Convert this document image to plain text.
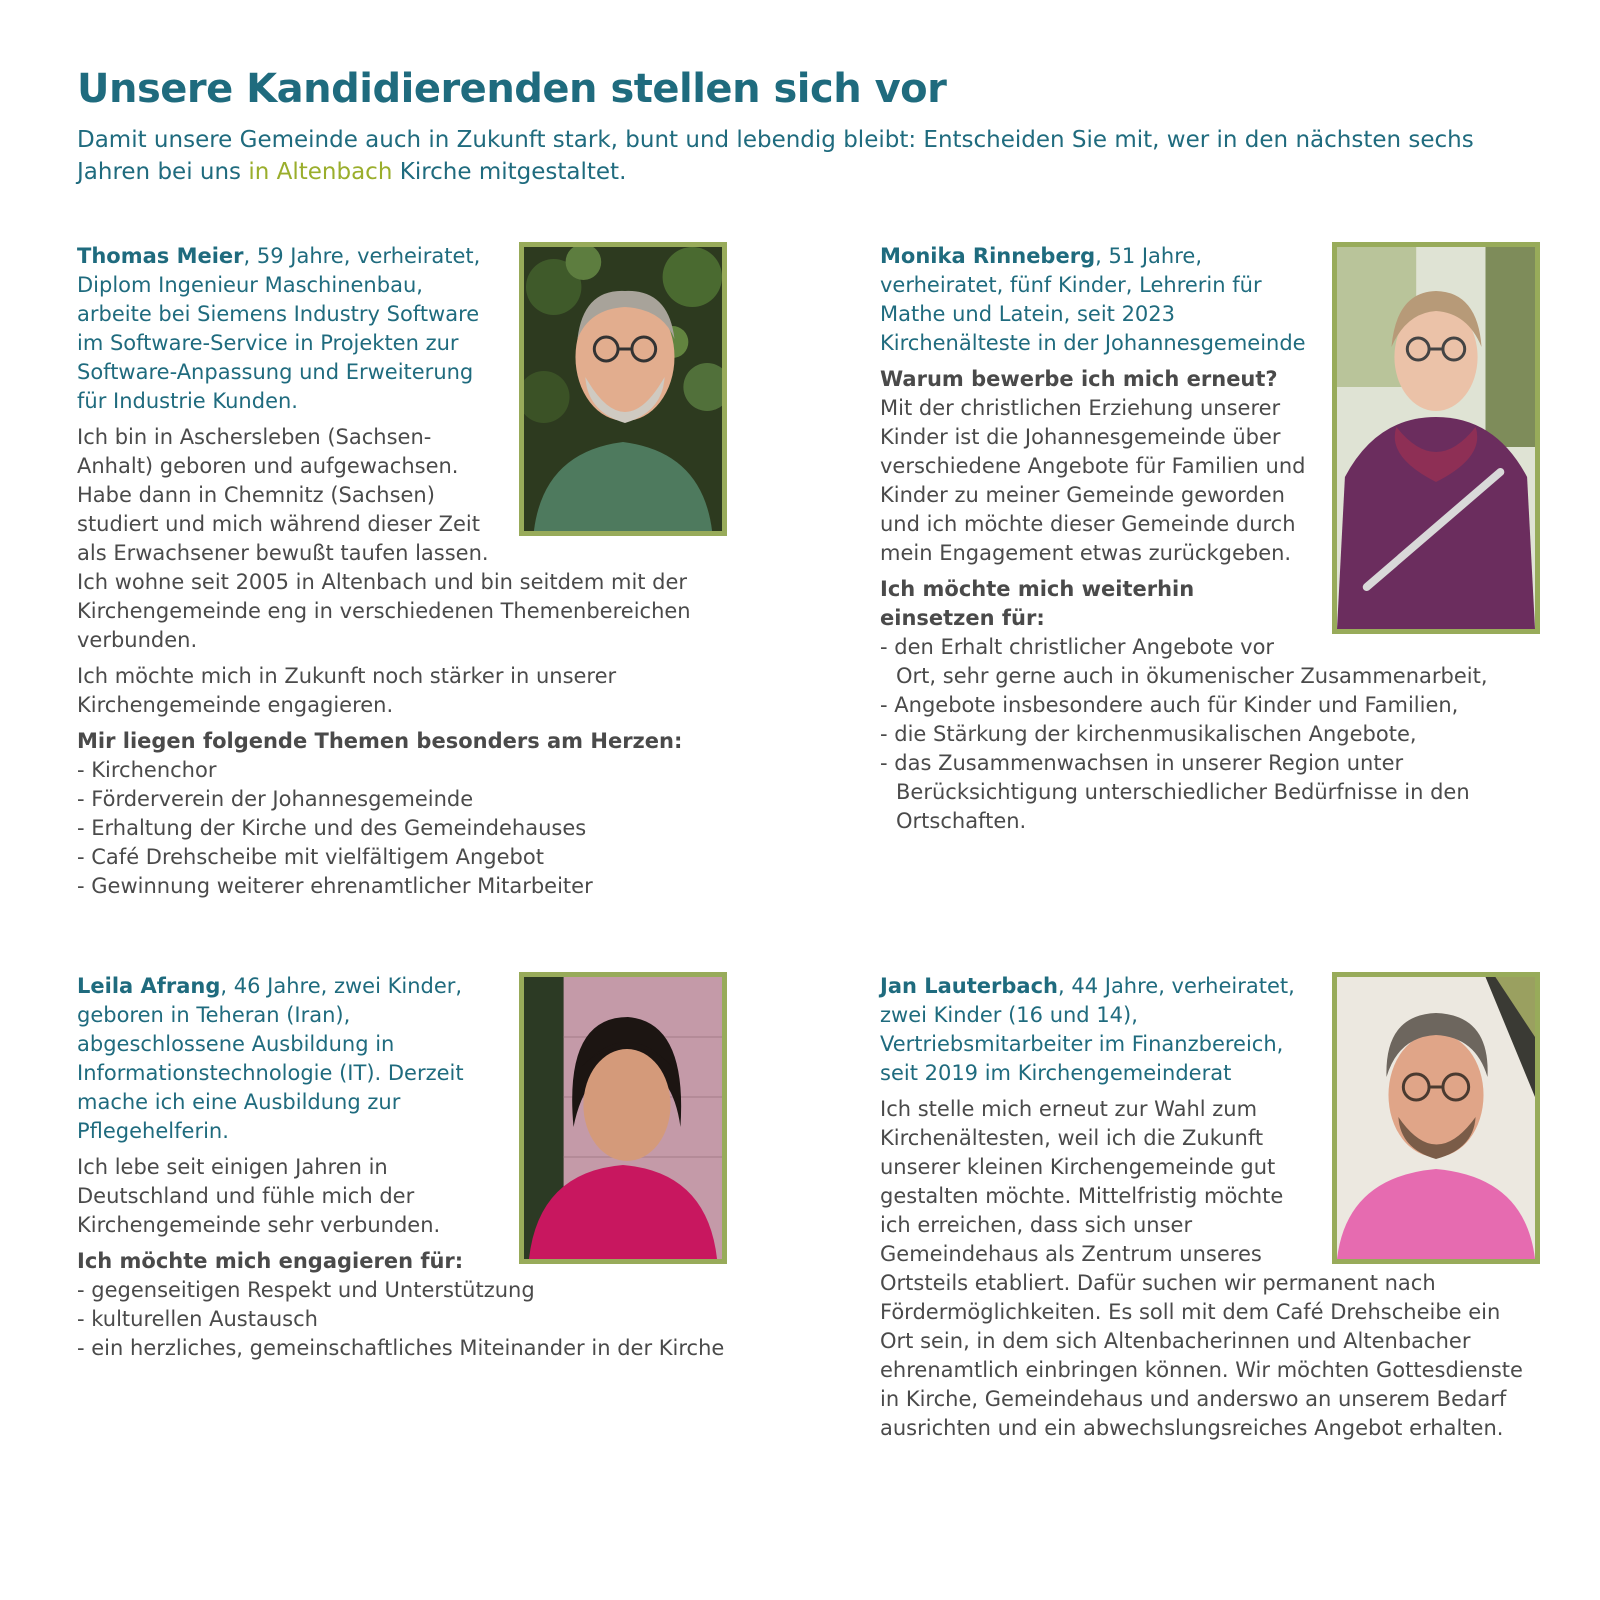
Unsere Kandidierenden stellen sich vor

Damit unsere Gemeinde auch in Zukunft stark, bunt und lebendig bleibt: Entscheiden Sie mit, wer in den nächsten sechs Jahren bei uns in Altenbach Kirche mitgestaltet.

Thomas Meier, 59 Jahre, verheiratet, Diplom Ingenieur Maschinenbau, arbeite bei Siemens Industry Software im Software-Service in Projekten zur Software-Anpassung und Erweiterung für Industrie Kunden.

Ich bin in Aschersleben (Sachsen-Anhalt) geboren und aufgewachsen. Habe dann in Chemnitz (Sachsen) studiert und mich während dieser Zeit als Erwachsener bewußt taufen lassen. Ich wohne seit 2005 in Altenbach und bin seitdem mit der Kirchengemeinde eng in verschiedenen Themenbereichen verbunden.

Ich möchte mich in Zukunft noch stärker in unserer Kirchengemeinde engagieren.

Mir liegen folgende Themen besonders am Herzen:
- Kirchenchor
- Förderverein der Johannesgemeinde
- Erhaltung der Kirche und des Gemeindehauses
- Café Drehscheibe mit vielfältigem Angebot
- Gewinnung weiterer ehrenamtlicher Mitarbeiter

Monika Rinneberg, 51 Jahre, verheiratet, fünf Kinder, Lehrerin für Mathe und Latein, seit 2023 Kirchenälteste in der Johannesgemeinde

Warum bewerbe ich mich erneut?

Mit der christlichen Erziehung unserer Kinder ist die Johannesgemeinde über verschiedene Angebote für Familien und Kinder zu meiner Gemeinde geworden und ich möchte dieser Gemeinde durch mein Engagement etwas zurückgeben.

Ich möchte mich weiterhin einsetzen für:
- den Erhalt christlicher Angebote vor Ort, sehr gerne auch in ökumenischer Zusammenarbeit,
- Angebote insbesondere auch für Kinder und Familien,
- die Stärkung der kirchenmusikalischen Angebote,
- das Zusammenwachsen in unserer Region unter Berücksichtigung unterschiedlicher Bedürfnisse in den Ortschaften.

Leila Afrang, 46 Jahre, zwei Kinder, geboren in Teheran (Iran), abgeschlossene Ausbildung in Informationstechnologie (IT). Derzeit mache ich eine Ausbildung zur Pflegehelferin.

Ich lebe seit einigen Jahren in Deutschland und fühle mich der Kirchengemeinde sehr verbunden.

Ich möchte mich engagieren für:
- gegenseitigen Respekt und Unterstützung
- kulturellen Austausch
- ein herzliches, gemeinschaftliches Miteinander in der Kirche

Jan Lauterbach, 44 Jahre, verheiratet, zwei Kinder (16 und 14), Vertriebsmitarbeiter im Finanzbereich, seit 2019 im Kirchengemeinderat

Ich stelle mich erneut zur Wahl zum Kirchenältesten, weil ich die Zukunft unserer kleinen Kirchengemeinde gut gestalten möchte. Mittelfristig möchte ich erreichen, dass sich unser Gemeindehaus als Zentrum unseres Ortsteils etabliert. Dafür suchen wir permanent nach Fördermöglichkeiten. Es soll mit dem Café Drehscheibe ein Ort sein, in dem sich Altenbacherinnen und Altenbacher ehrenamtlich einbringen können. Wir möchten Gottesdienste in Kirche, Gemeindehaus und anderswo an unserem Bedarf ausrichten und ein abwechslungsreiches Angebot erhalten.
